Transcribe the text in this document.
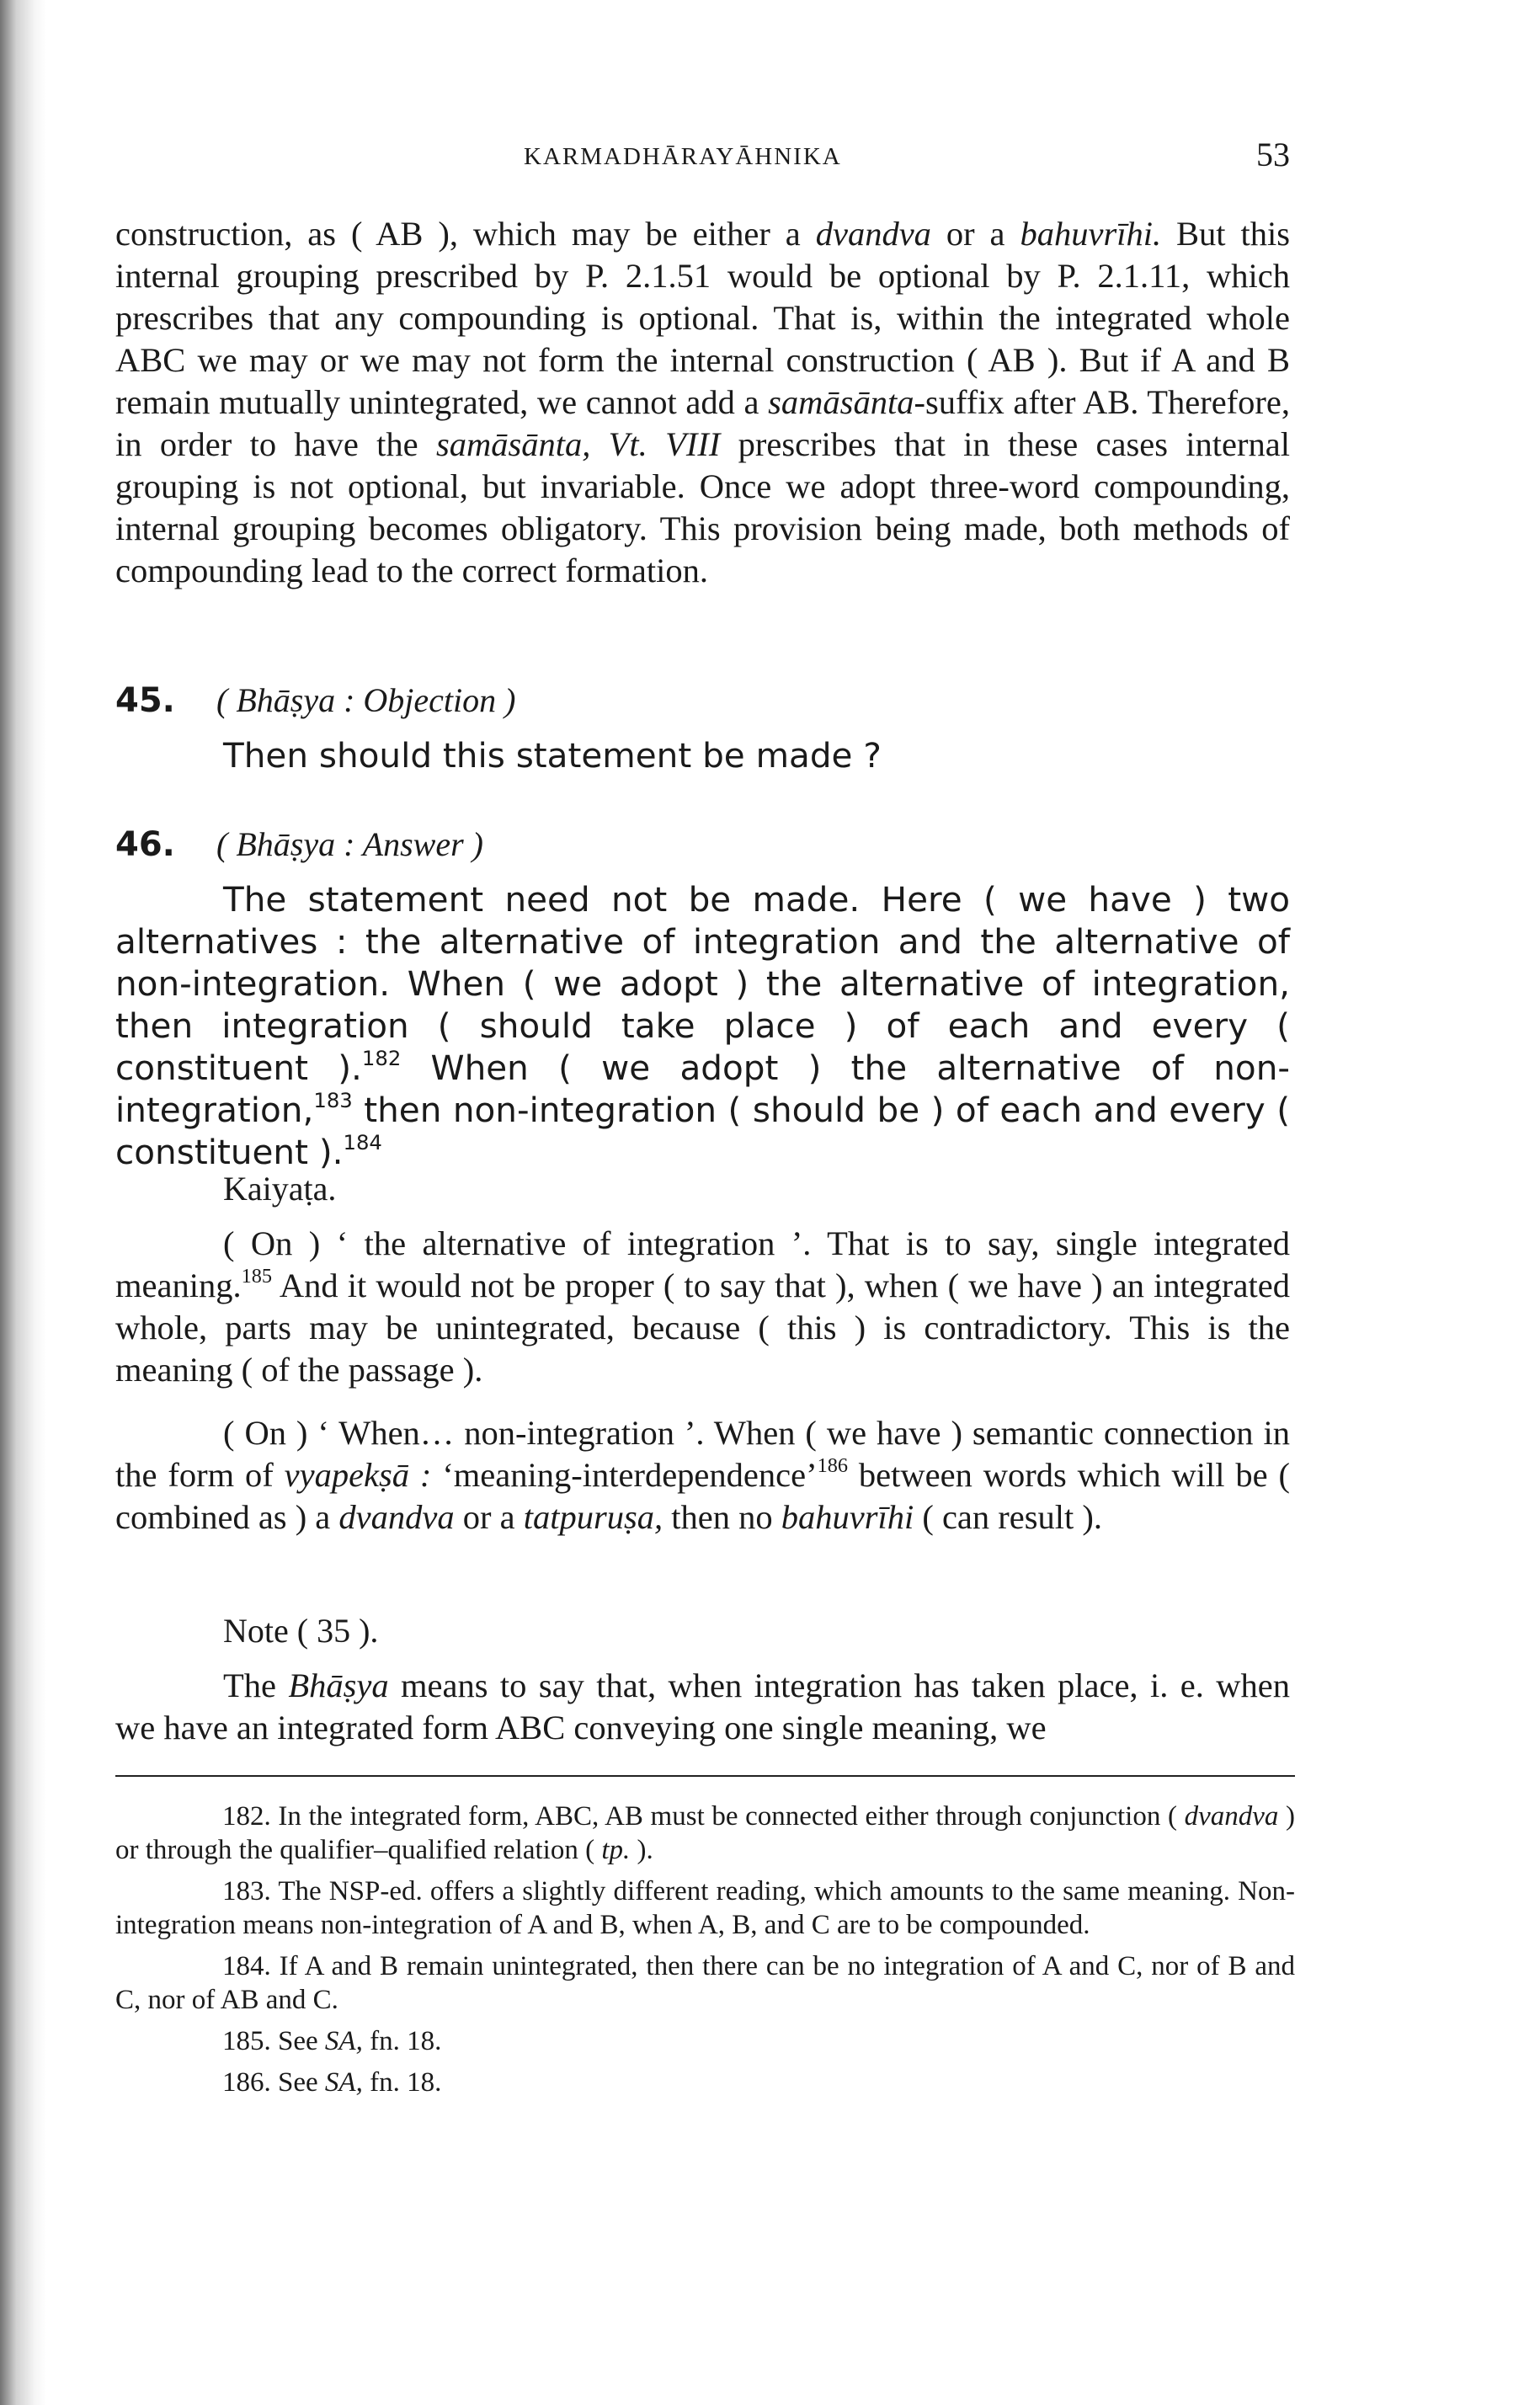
KARMADHĀRAYĀHNIKA	53

construction, as ( AB ), which may be either a dvandva or a bahuvrīhi. But this internal grouping prescribed by P. 2.1.51 would be optional by P. 2.1.11, which prescribes that any compounding is optional. That is, within the integrated whole ABC we may or we may not form the internal construction ( AB ). But if A and B remain mutually unintegrated, we cannot add a samāsānta-suffix after AB. Therefore, in order to have the samāsānta, Vt. VIII prescribes that in these cases internal grouping is not optional, but invariable. Once we adopt three-word compounding, internal grouping becomes obligatory. This provision being made, both methods of compounding lead to the correct formation.

45. ( Bhāṣya : Objection )

Then should this statement be made ?

46. ( Bhāṣya : Answer )

The statement need not be made. Here ( we have ) two alternatives : the alternative of integration and the alternative of non-integration. When ( we adopt ) the alternative of integration, then integration ( should take place ) of each and every ( constituent ).$^{182}$ When ( we adopt ) the alternative of non-integration,$^{183}$ then non-integration ( should be ) of each and every ( constituent ).$^{184}$

Kaiyaṭa.

( On ) ‘ the alternative of integration ’. That is to say, single integrated meaning.$^{185}$ And it would not be proper ( to say that ), when ( we have ) an integrated whole, parts may be unintegrated, because ( this ) is contradictory. This is the meaning ( of the passage ).

( On ) ‘ When… non-integration ’. When ( we have ) semantic connection in the form of vyapekṣā : ‘meaning-interdependence’$^{186}$ between words which will be ( combined as ) a dvandva or a tatpuruṣa, then no bahuvrīhi ( can result ).

Note ( 35 ).

The Bhāṣya means to say that, when integration has taken place, i. e. when we have an integrated form ABC conveying one single meaning, we

182. In the integrated form, ABC, AB must be connected either through conjunction ( dvandva ) or through the qualifier–qualified relation ( tp. ).

183. The NSP-ed. offers a slightly different reading, which amounts to the same meaning. Non-integration means non-integration of A and B, when A, B, and C are to be compounded.

184. If A and B remain unintegrated, then there can be no integration of A and C, nor of B and C, nor of AB and C.

185. See SA, fn. 18.

186. See SA, fn. 18.
